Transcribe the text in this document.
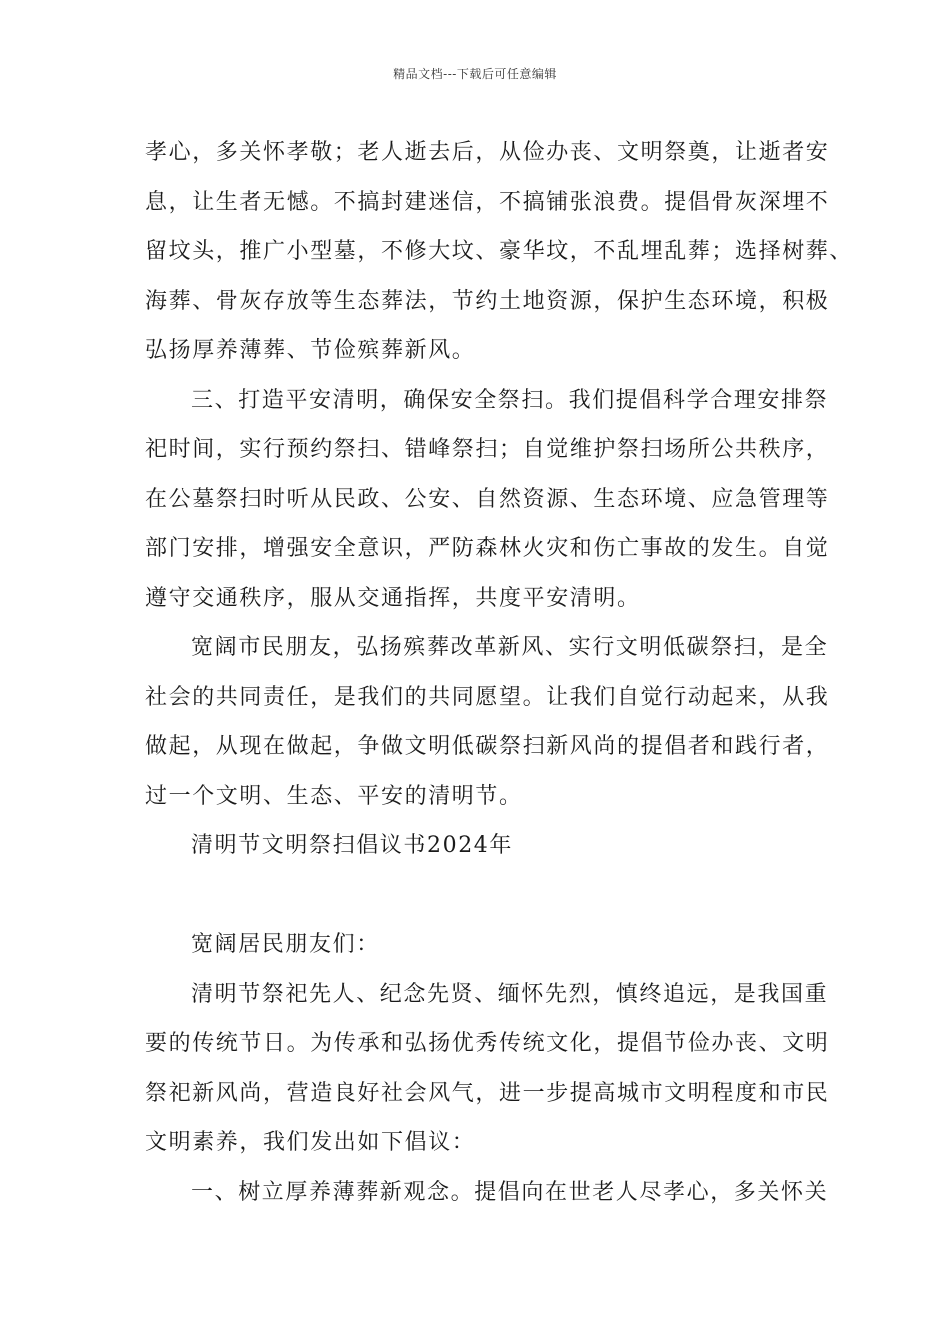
精品文档---下载后可任意编辑
孝心，多关怀孝敬；老人逝去后，从俭办丧、文明祭奠，让逝者安
息，让生者无憾。不搞封建迷信，不搞铺张浪费。提倡骨灰深埋不
留坟头，推广小型墓，不修大坟、豪华坟，不乱埋乱葬；选择树葬、
海葬、骨灰存放等生态葬法，节约土地资源，保护生态环境，积极
弘扬厚养薄葬、节俭殡葬新风。
三、打造平安清明，确保安全祭扫。我们提倡科学合理安排祭
祀时间，实行预约祭扫、错峰祭扫；自觉维护祭扫场所公共秩序，
在公墓祭扫时听从民政、公安、自然资源、生态环境、应急管理等
部门安排，增强安全意识，严防森林火灾和伤亡事故的发生。自觉
遵守交通秩序，服从交通指挥，共度平安清明。
宽阔市民朋友，弘扬殡葬改革新风、实行文明低碳祭扫，是全
社会的共同责任，是我们的共同愿望。让我们自觉行动起来，从我
做起，从现在做起，争做文明低碳祭扫新风尚的提倡者和践行者，
过一个文明、生态、平安的清明节。
清明节文明祭扫倡议书2024年
宽阔居民朋友们：
清明节祭祀先人、纪念先贤、缅怀先烈，慎终追远，是我国重
要的传统节日。为传承和弘扬优秀传统文化，提倡节俭办丧、文明
祭祀新风尚，营造良好社会风气，进一步提高城市文明程度和市民
文明素养，我们发出如下倡议：
一、树立厚养薄葬新观念。提倡向在世老人尽孝心，多关怀关
